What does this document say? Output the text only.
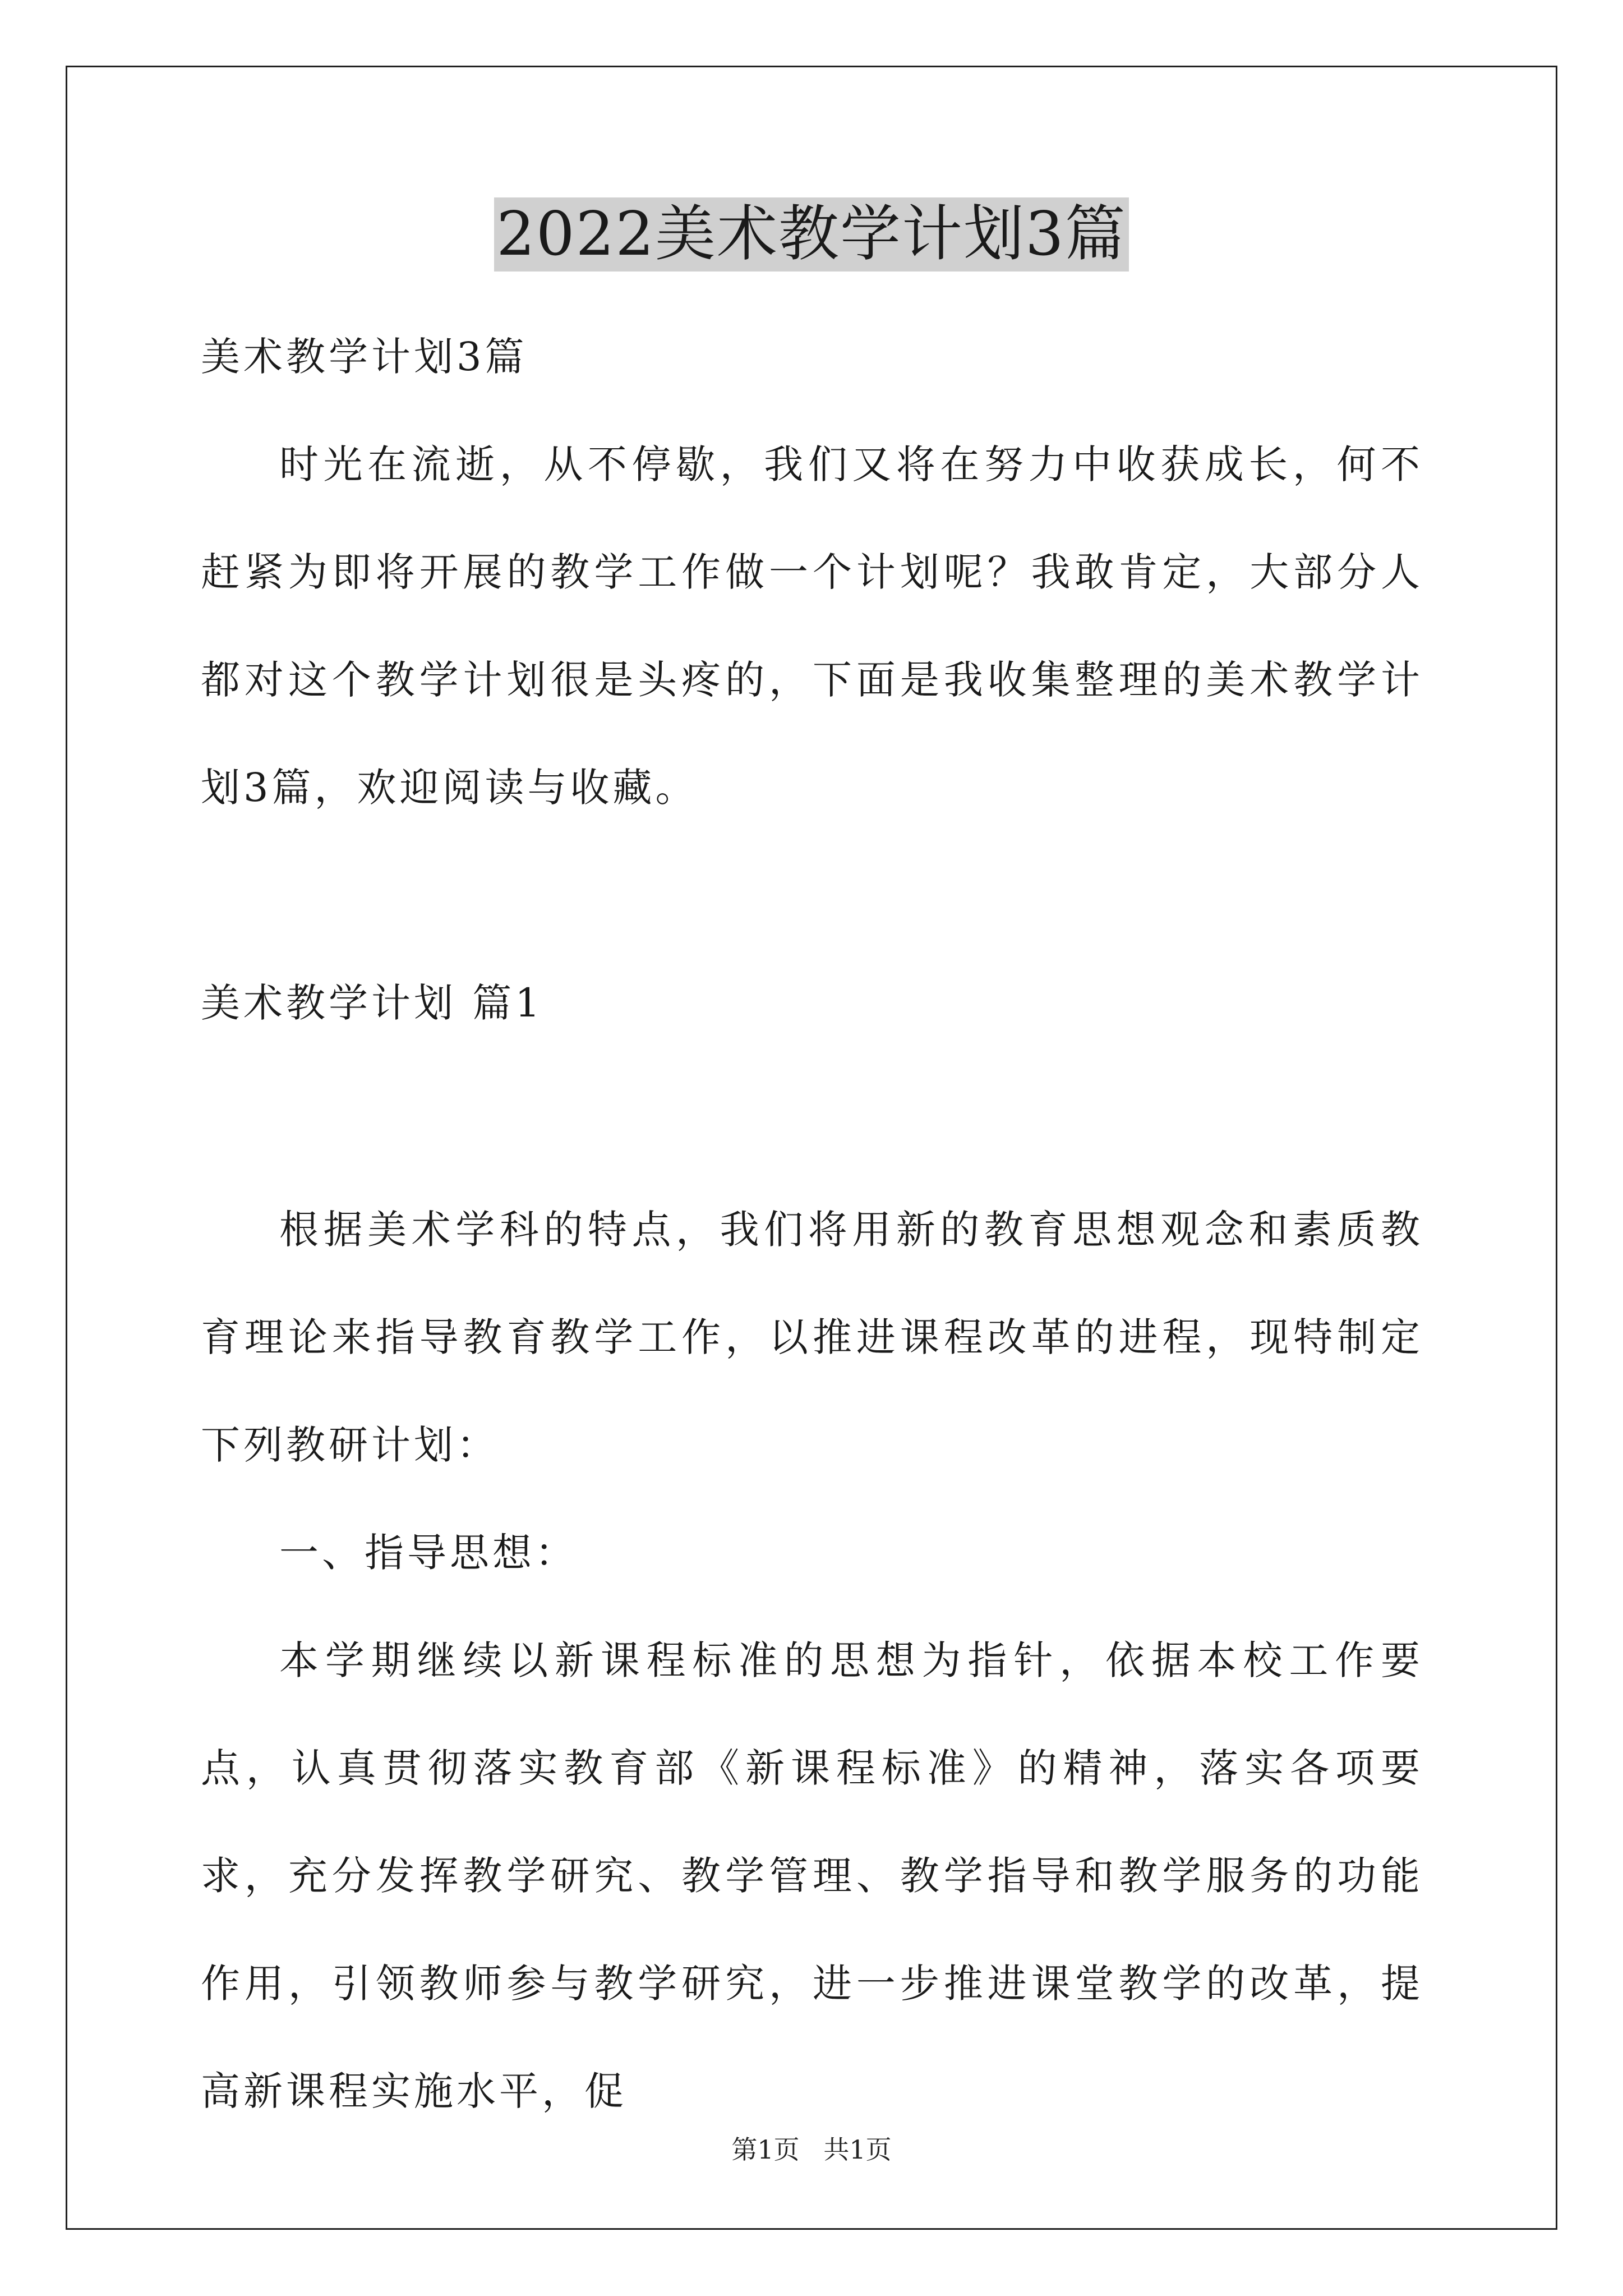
2022美术教学计划3篇

美术教学计划3篇

时光在流逝，从不停歇，我们又将在努力中收获成长，何不赶紧为即将开展的教学工作做一个计划呢？我敢肯定，大部分人都对这个教学计划很是头疼的，下面是我收集整理的美术教学计划3篇，欢迎阅读与收藏。

美术教学计划 篇1

根据美术学科的特点，我们将用新的教育思想观念和素质教育理论来指导教育教学工作，以推进课程改革的进程，现特制定下列教研计划：

一、指导思想：

本学期继续以新课程标准的思想为指针，依据本校工作要点，认真贯彻落实教育部《新课程标准》的精神，落实各项要求，充分发挥教学研究、教学管理、教学指导和教学服务的功能作用，引领教师参与教学研究，进一步推进课堂教学的改革，提高新课程实施水平，促

第1页 共1页
